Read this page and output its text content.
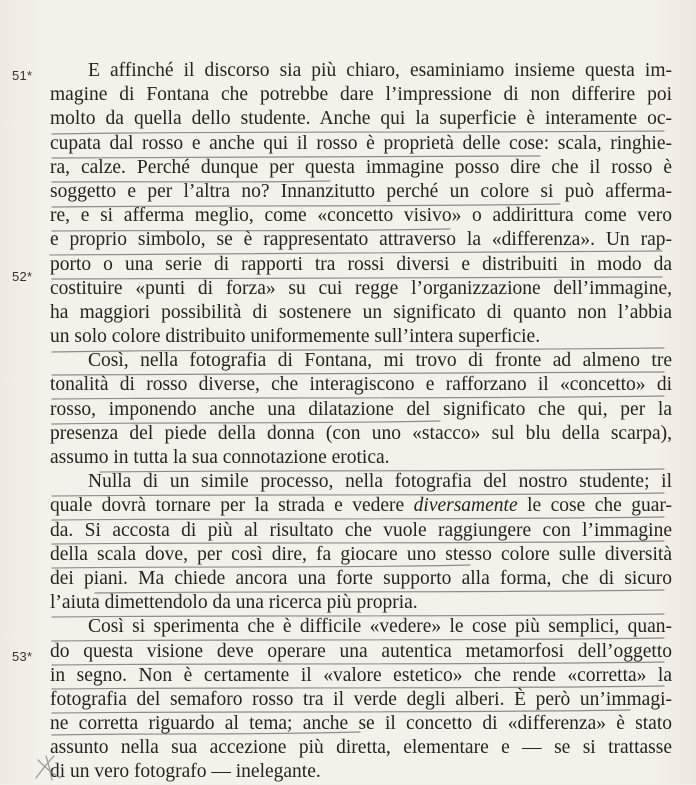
51*
52*
53*
E affinché il discorso sia più chiaro, esaminiamo insieme questa im-
magine di Fontana che potrebbe dare l’impressione di non differire poi
molto da quella dello studente. Anche qui la superficie è interamente oc-
cupata dal rosso e anche qui il rosso è proprietà delle cose: scala, ringhie-
ra, calze. Perché dunque per questa immagine posso dire che il rosso è
soggetto e per l’altra no? Innanzitutto perché un colore si può afferma-
re, e si afferma meglio, come «concetto visivo» o addirittura come vero
e proprio simbolo, se è rappresentato attraverso la «differenza». Un rap-
porto o una serie di rapporti tra rossi diversi e distribuiti in modo da
costituire «punti di forza» su cui regge l’organizzazione dell’immagine,
ha maggiori possibilità di sostenere un significato di quanto non l’abbia
un solo colore distribuito uniformemente sull’intera superficie.
Così, nella fotografia di Fontana, mi trovo di fronte ad almeno tre
tonalità di rosso diverse, che interagiscono e rafforzano il «concetto» di
rosso, imponendo anche una dilatazione del significato che qui, per la
presenza del piede della donna (con uno «stacco» sul blu della scarpa),
assumo in tutta la sua connotazione erotica.
Nulla di un simile processo, nella fotografia del nostro studente; il
quale dovrà tornare per la strada e vedere diversamente le cose che guar-
da. Si accosta di più al risultato che vuole raggiungere con l’immagine
della scala dove, per così dire, fa giocare uno stesso colore sulle diversità
dei piani. Ma chiede ancora una forte supporto alla forma, che di sicuro
l’aiuta dimettendolo da una ricerca più propria.
Così si sperimenta che è difficile «vedere» le cose più semplici, quan-
do questa visione deve operare una autentica metamorfosi dell’oggetto
in segno. Non è certamente il «valore estetico» che rende «corretta» la
fotografia del semaforo rosso tra il verde degli alberi. È però un’immagi-
ne corretta riguardo al tema; anche se il concetto di «differenza» è stato
assunto nella sua accezione più diretta, elementare e — se si trattasse
di un vero fotografo — inelegante.
